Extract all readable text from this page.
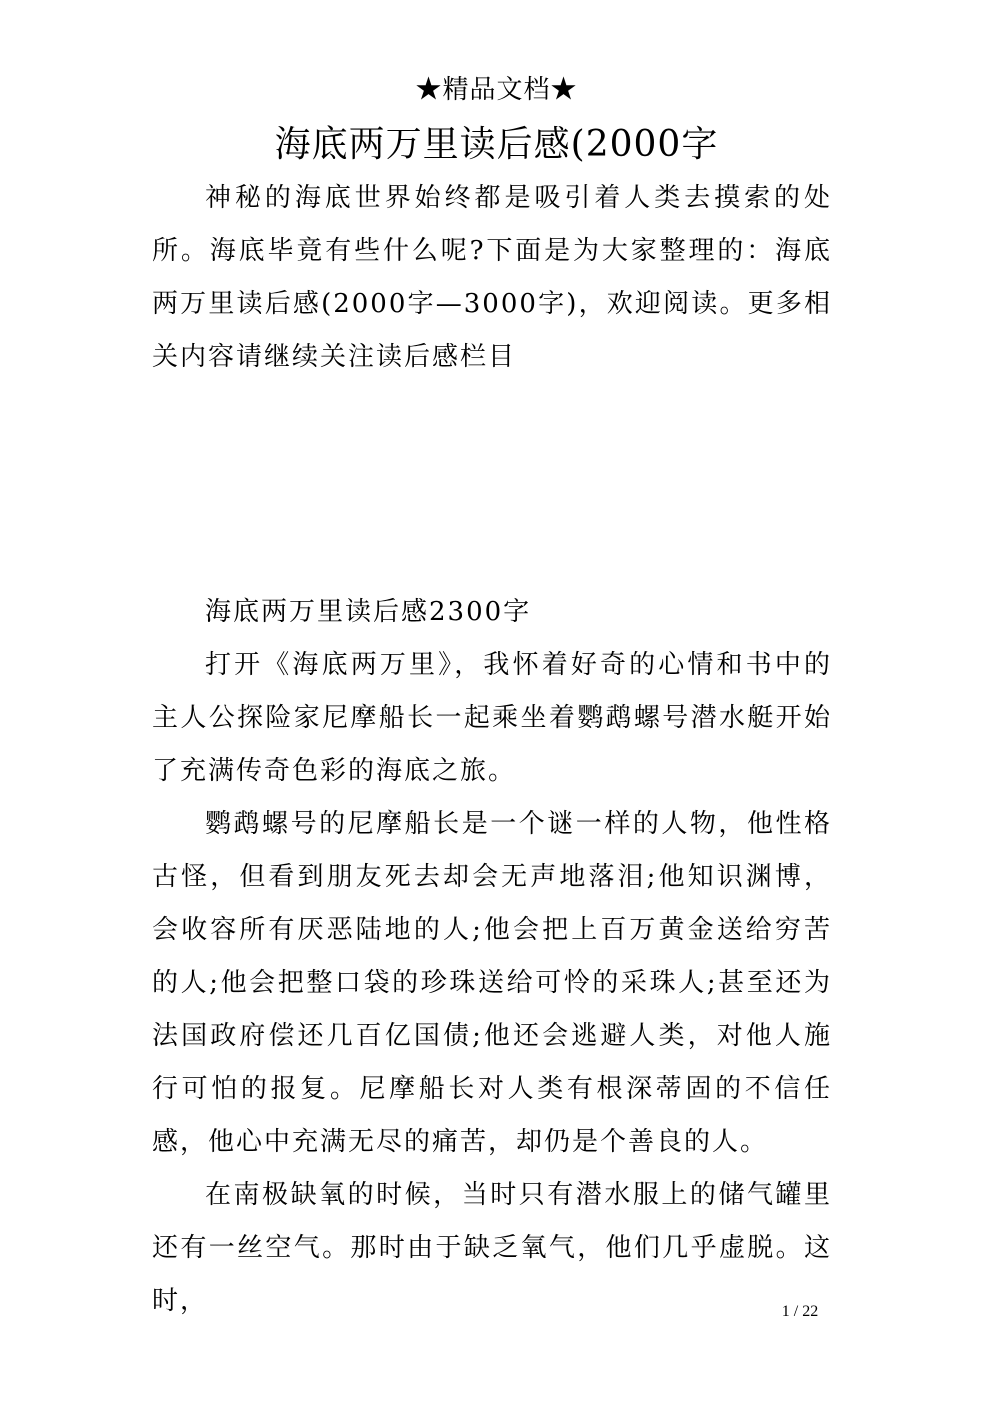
★精品文档★
海底两万里读后感(2000字

神秘的海底世界始终都是吸引着人类去摸索的处所。海底毕竟有些什么呢?下面是为大家整理的：海底两万里读后感(2000字—3000字)，欢迎阅读。更多相关内容请继续关注读后感栏目

海底两万里读后感2300字

打开《海底两万里》，我怀着好奇的心情和书中的主人公探险家尼摩船长一起乘坐着鹦鹉螺号潜水艇开始了充满传奇色彩的海底之旅。

鹦鹉螺号的尼摩船长是一个谜一样的人物，他性格古怪，但看到朋友死去却会无声地落泪;他知识渊博，会收容所有厌恶陆地的人;他会把上百万黄金送给穷苦的人;他会把整口袋的珍珠送给可怜的采珠人;甚至还为法国政府偿还几百亿国债;他还会逃避人类，对他人施行可怕的报复。尼摩船长对人类有根深蒂固的不信任感，他心中充满无尽的痛苦，却仍是个善良的人。

在南极缺氧的时候，当时只有潜水服上的储气罐里还有一丝空气。那时由于缺乏氧气，他们几乎虚脱。这时，	1 / 22
